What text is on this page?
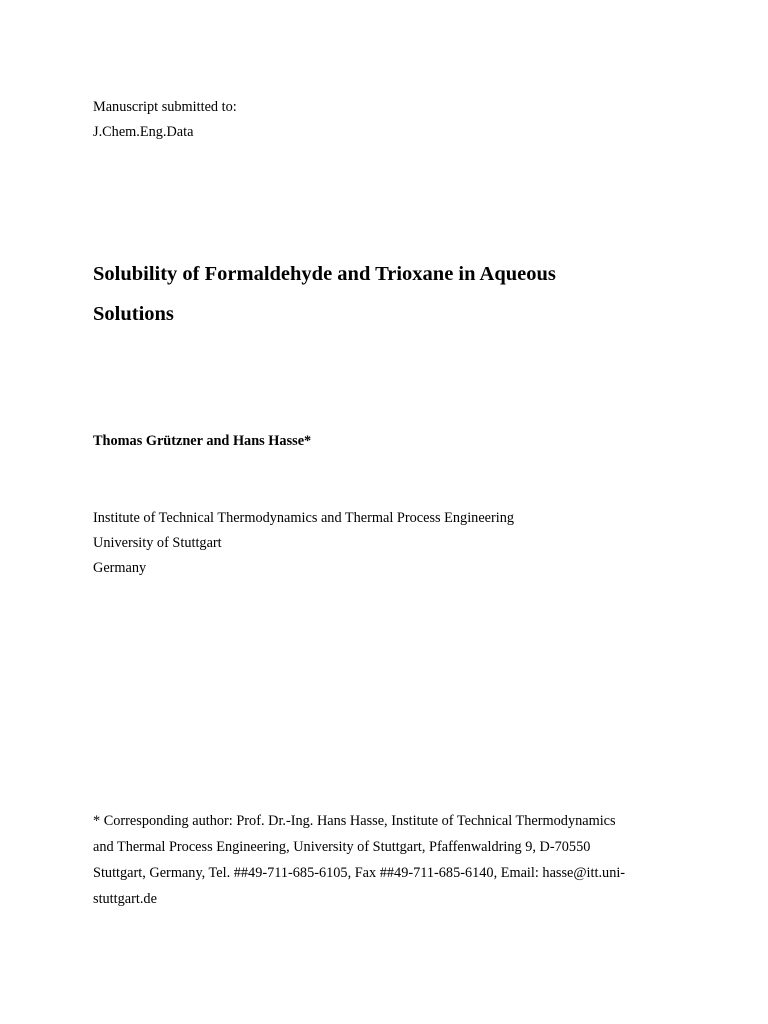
Manuscript submitted to:
J.Chem.Eng.Data
Solubility of Formaldehyde and Trioxane in Aqueous
Solutions
Thomas Grützner and Hans Hasse*
Institute of Technical Thermodynamics and Thermal Process Engineering
University of Stuttgart
Germany
* Corresponding author: Prof. Dr.-Ing. Hans Hasse, Institute of Technical Thermodynamics
and Thermal Process Engineering, University of Stuttgart, Pfaffenwaldring 9, D-70550
Stuttgart, Germany, Tel. ##49-711-685-6105, Fax ##49-711-685-6140, Email: hasse@itt.uni-
stuttgart.de
